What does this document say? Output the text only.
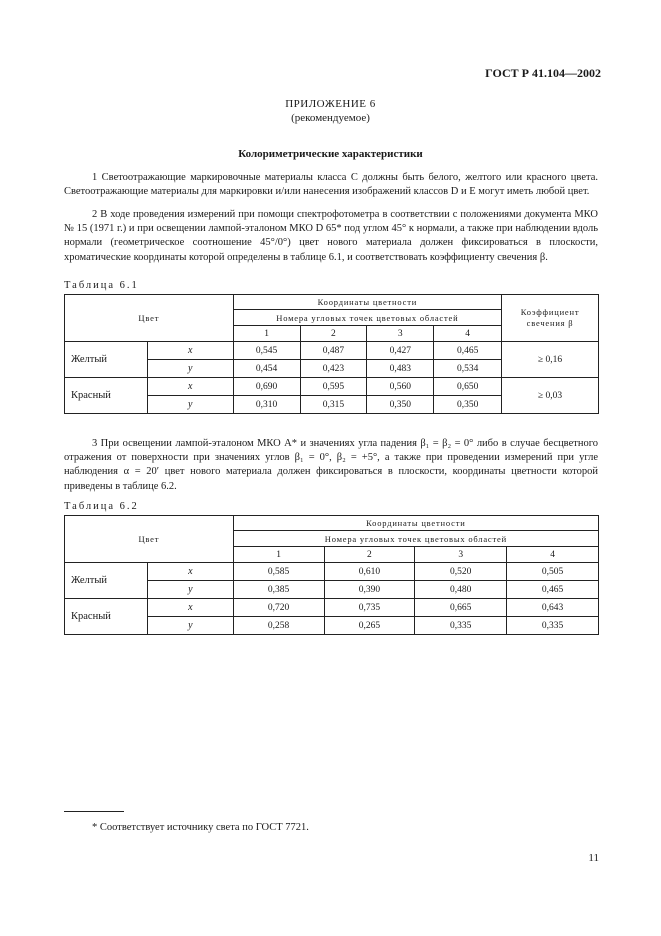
ГОСТ Р 41.104—2002
ПРИЛОЖЕНИЕ 6
(рекомендуемое)
Колориметрические характеристики
1 Светоотражающие маркировочные материалы класса С должны быть белого, желтого или красного цвета. Светоотражающие материалы для маркировки и/или нанесения изображений классов D и E могут иметь любой цвет.
2 В ходе проведения измерений при помощи спектрофотометра в соответствии с положениями документа МКО № 15 (1971 г.) и при освещении лампой-эталоном МКО D 65* под углом 45° к нормали, а также при наблюдении вдоль нормали (геометрическое соотношение 45°/0°) цвет нового материала должен фиксироваться в плоскости, хроматические координаты которой определены в таблице 6.1, и соответствовать коэффициенту свечения β.
Таблица 6.1
Цвет		Координаты цветности				Коэффициент свечения β
		Номера угловых точек цветовых областей				
		1	2	3	4	
Желтый	x	0,545	0,487	0,427	0,465	≥ 0,16
	y	0,454	0,423	0,483	0,534	
Красный	x	0,690	0,595	0,560	0,650	≥ 0,03
	y	0,310	0,315	0,350	0,350	
3 При освещении лампой-эталоном МКО А* и значениях угла падения β₁ = β₂ = 0° либо в случае бесцветного отражения от поверхности при значениях углов β₁ = 0°, β₂ = +5°, а также при проведении измерений при угле наблюдения α = 20′ цвет нового материала должен фиксироваться в плоскости, координаты цветности которой приведены в таблице 6.2.
Таблица 6.2
Цвет		Координаты цветности			
		Номера угловых точек цветовых областей			
		1	2	3	4
Желтый	x	0,585	0,610	0,520	0,505
	y	0,385	0,390	0,480	0,465
Красный	x	0,720	0,735	0,665	0,643
	y	0,258	0,265	0,335	0,335
* Соответствует источнику света по ГОСТ 7721.
11
